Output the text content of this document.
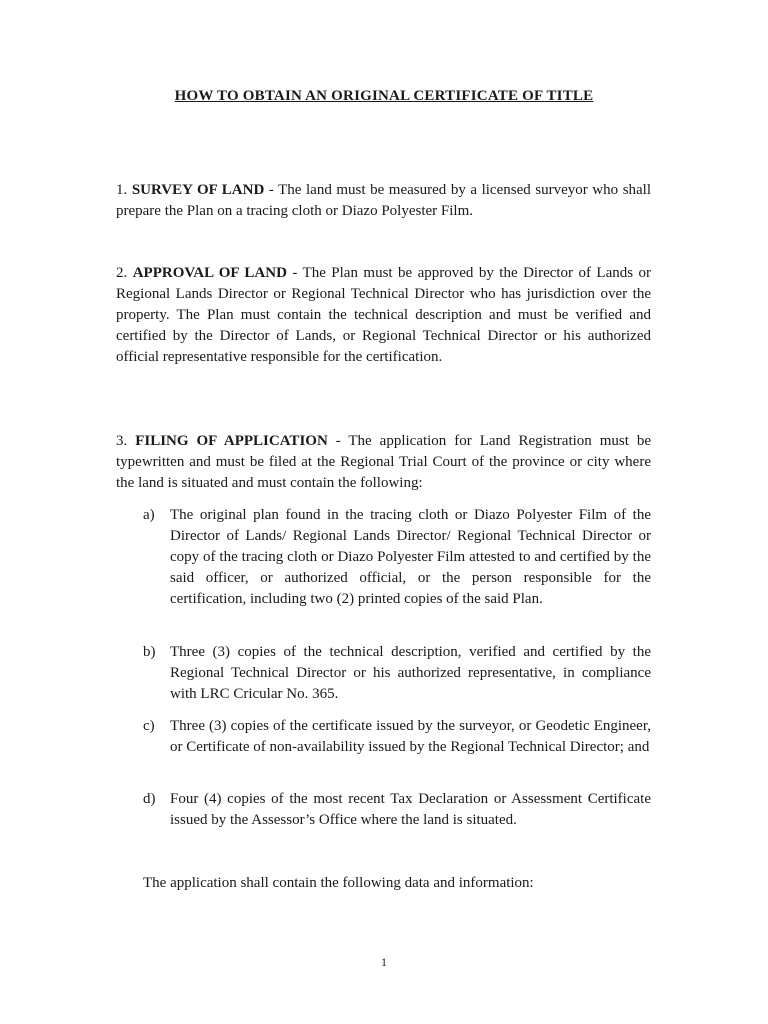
HOW TO OBTAIN AN ORIGINAL CERTIFICATE OF TITLE

1. SURVEY OF LAND - The land must be measured by a licensed surveyor who shall prepare the Plan on a tracing cloth or Diazo Polyester Film.

2. APPROVAL OF LAND - The Plan must be approved by the Director of Lands or Regional Lands Director or Regional Technical Director who has jurisdiction over the property. The Plan must contain the technical description and must be verified and certified by the Director of Lands, or Regional Technical Director or his authorized official representative responsible for the certification.

3. FILING OF APPLICATION - The application for Land Registration must be typewritten and must be filed at the Regional Trial Court of the province or city where the land is situated and must contain the following:

a) The original plan found in the tracing cloth or Diazo Polyester Film of the Director of Lands/ Regional Lands Director/ Regional Technical Director or copy of the tracing cloth or Diazo Polyester Film attested to and certified by the said officer, or authorized official, or the person responsible for the certification, including two (2) printed copies of the said Plan.
b) Three (3) copies of the technical description, verified and certified by the Regional Technical Director or his authorized representative, in compliance with LRC Cricular No. 365.
c) Three (3) copies of the certificate issued by the surveyor, or Geodetic Engineer, or Certificate of non-availability issued by the Regional Technical Director; and
d) Four (4) copies of the most recent Tax Declaration or Assessment Certificate issued by the Assessor’s Office where the land is situated.

The application shall contain the following data and information:

1
